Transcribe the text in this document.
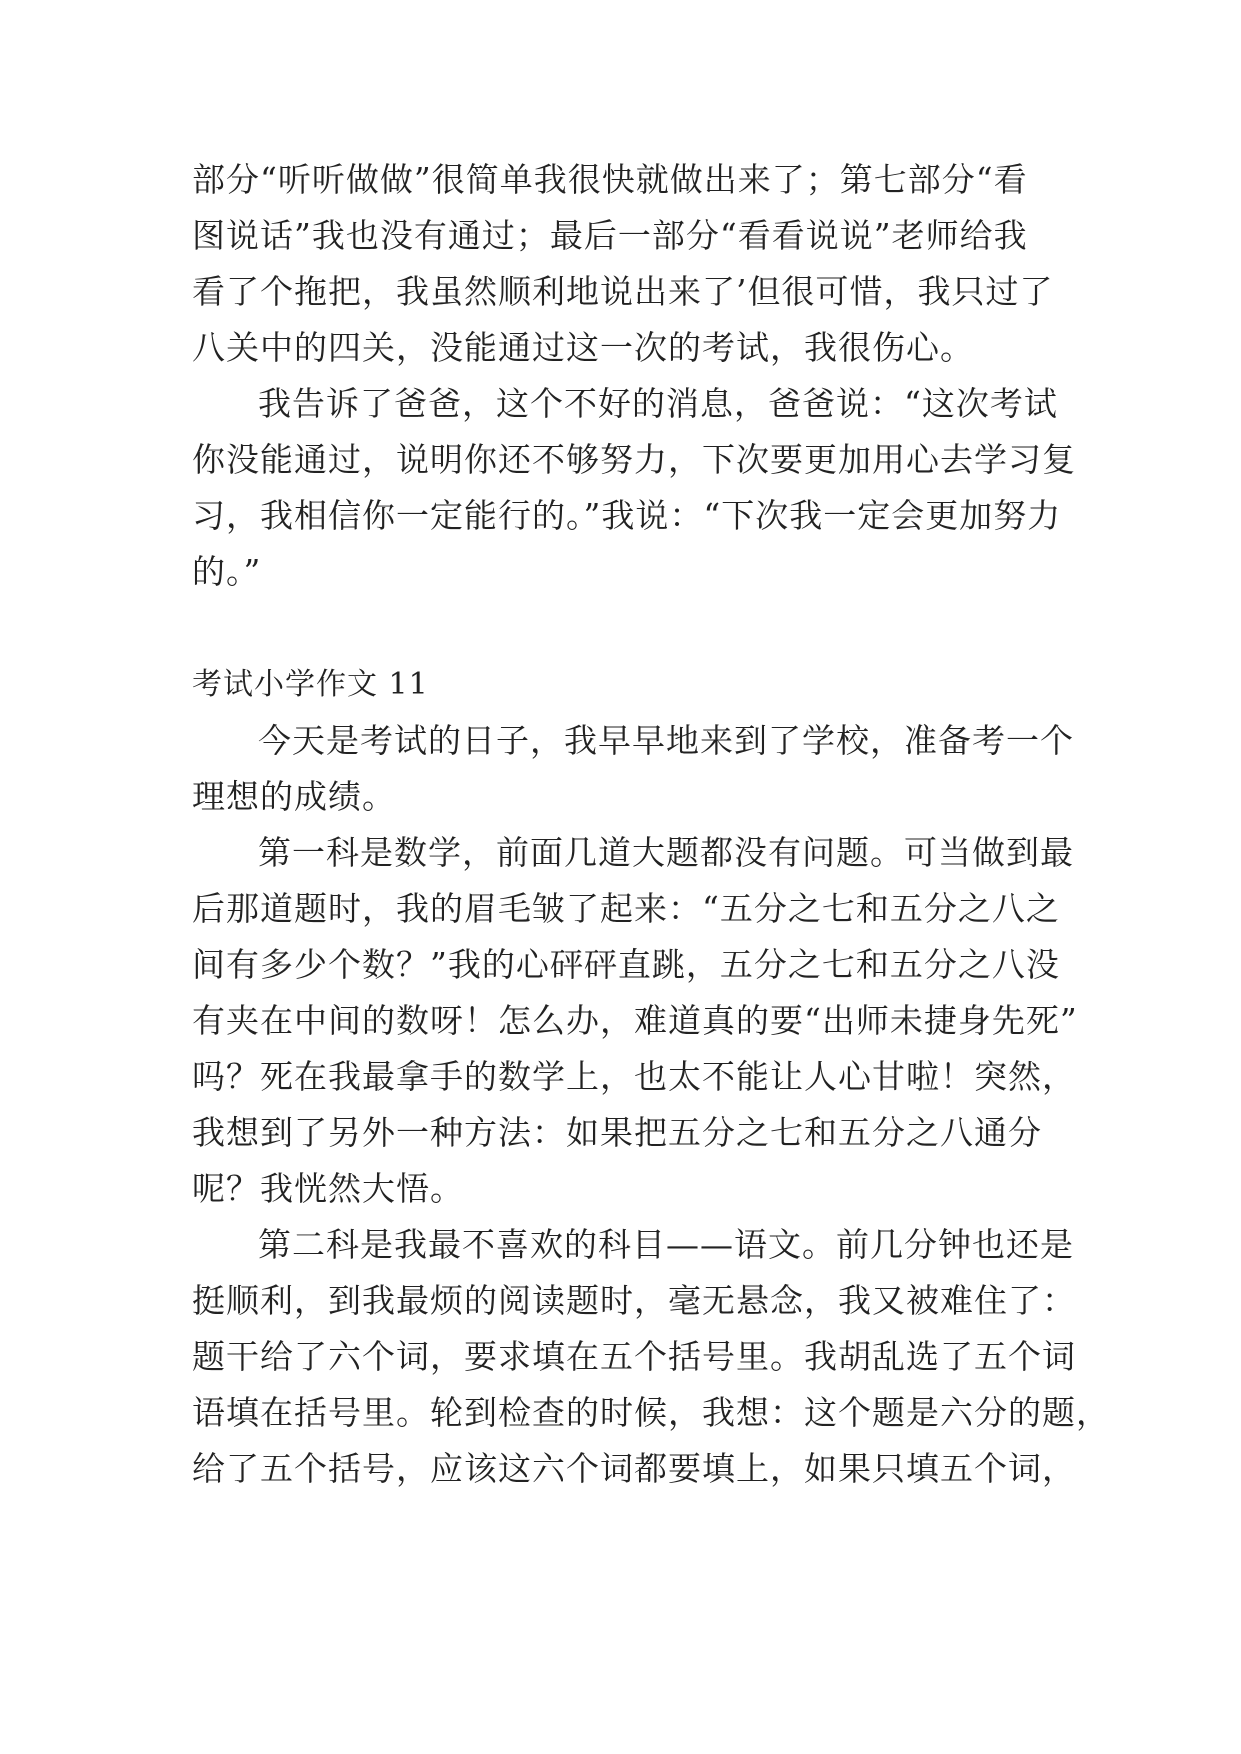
部分“听听做做”很简单我很快就做出来了；第七部分“看
图说话”我也没有通过；最后一部分“看看说说”老师给我
看了个拖把，我虽然顺利地说出来了’但很可惜，我只过了
八关中的四关，没能通过这一次的考试，我很伤心。
我告诉了爸爸，这个不好的消息，爸爸说：“这次考试
你没能通过，说明你还不够努力，下次要更加用心去学习复
习，我相信你一定能行的。”我说：“下次我一定会更加努力
的。”
考试小学作文 11
今天是考试的日子，我早早地来到了学校，准备考一个
理想的成绩。
第一科是数学，前面几道大题都没有问题。可当做到最
后那道题时，我的眉毛皱了起来：“五分之七和五分之八之
间有多少个数？”我的心砰砰直跳，五分之七和五分之八没
有夹在中间的数呀！怎么办，难道真的要“出师未捷身先死”
吗？死在我最拿手的数学上，也太不能让人心甘啦！突然，
我想到了另外一种方法：如果把五分之七和五分之八通分
呢？我恍然大悟。
第二科是我最不喜欢的科目——语文。前几分钟也还是
挺顺利，到我最烦的阅读题时，毫无悬念，我又被难住了：
题干给了六个词，要求填在五个括号里。我胡乱选了五个词
语填在括号里。轮到检查的时候，我想：这个题是六分的题，
给了五个括号，应该这六个词都要填上，如果只填五个词，
